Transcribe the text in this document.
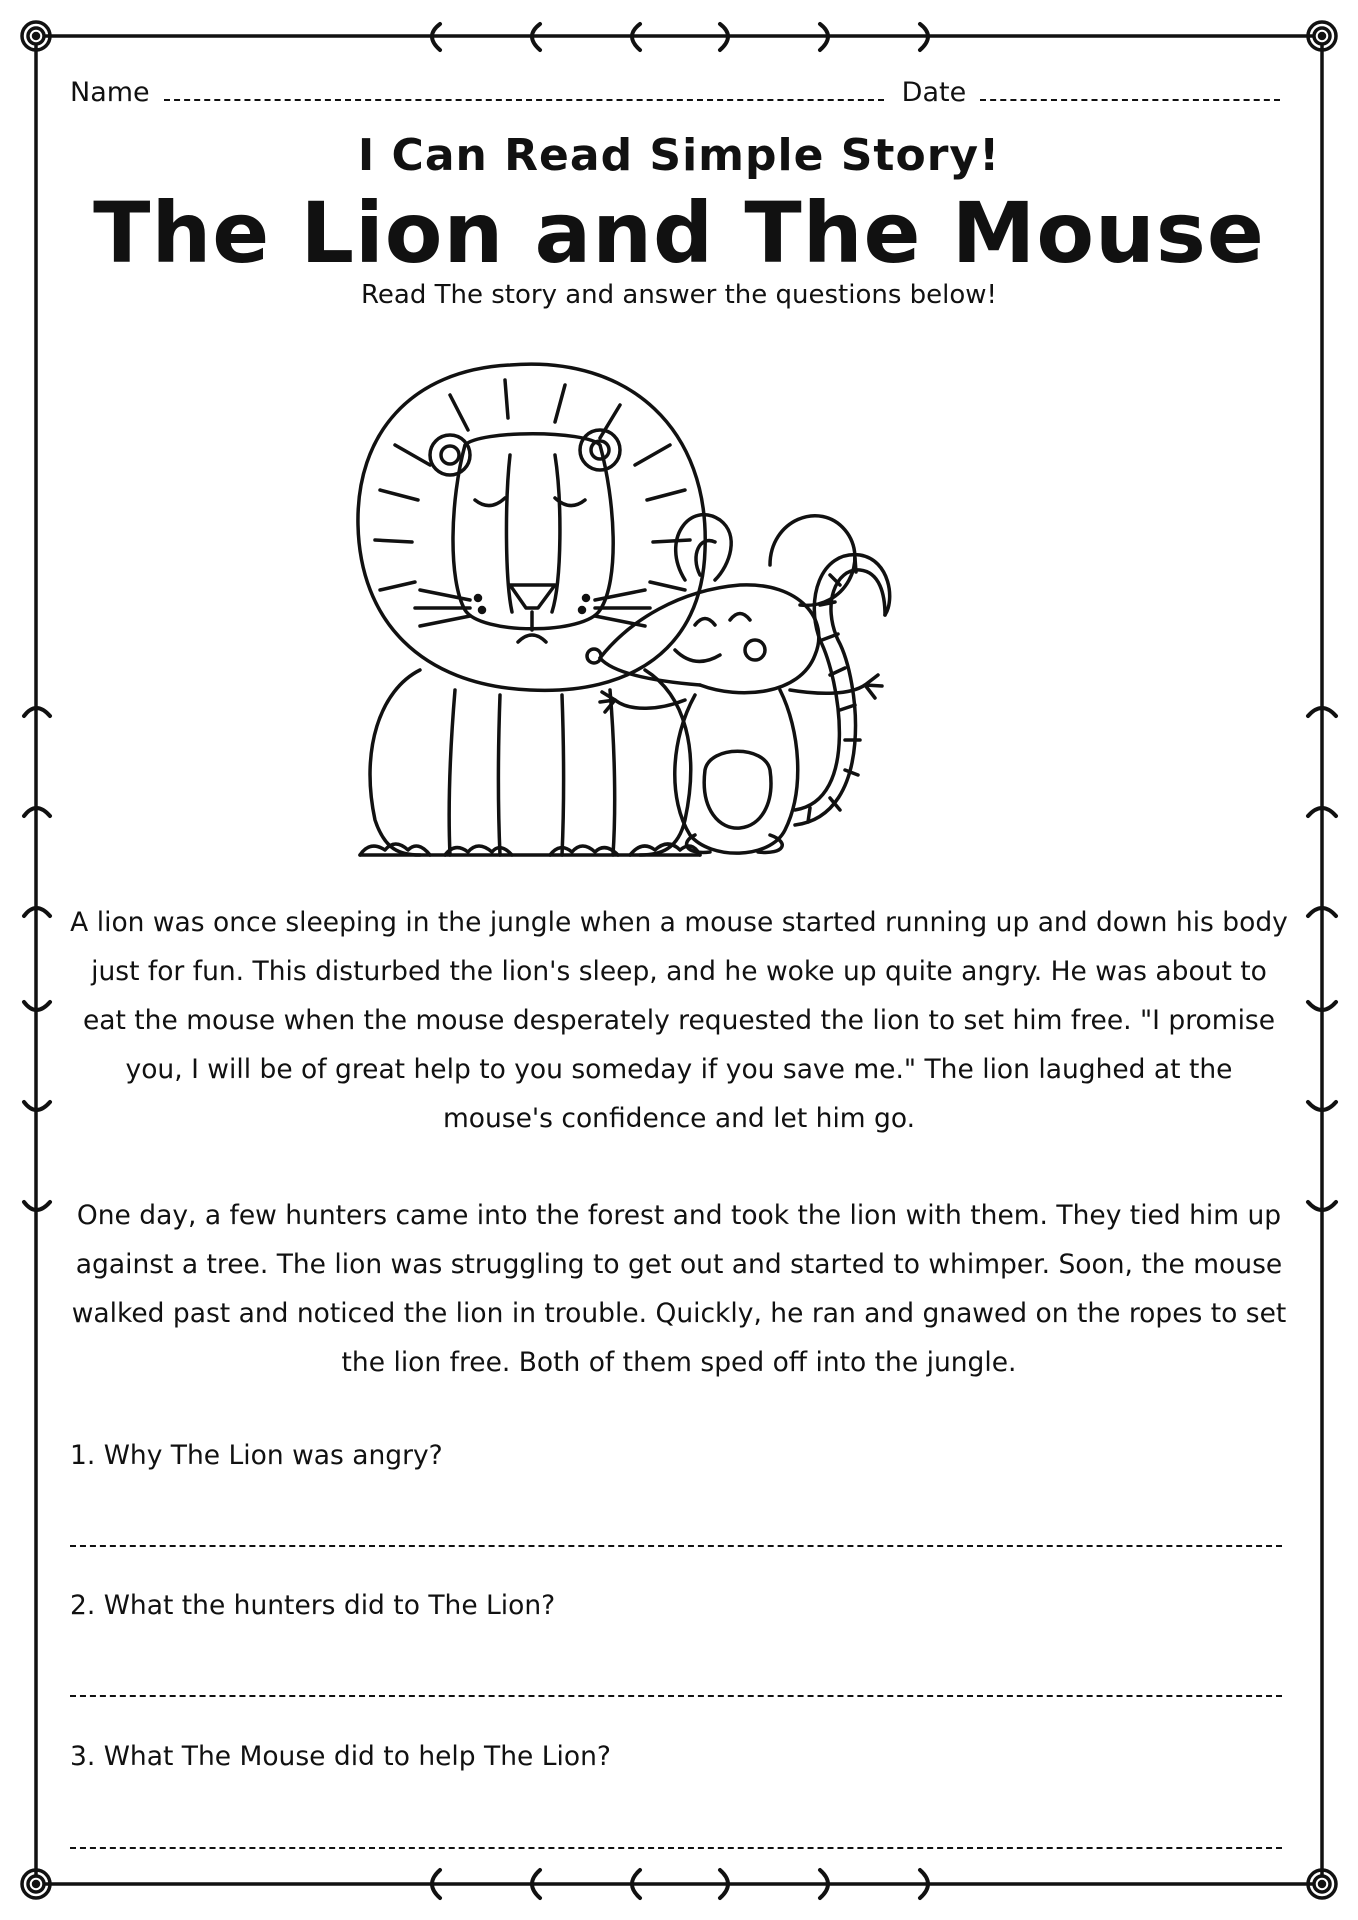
Name	Date
I Can Read Simple Story!
The Lion and The Mouse
Read The story and answer the questions below!
A lion was once sleeping in the jungle when a mouse started running up and down his body just for fun. This disturbed the lion's sleep, and he woke up quite angry. He was about to eat the mouse when the mouse desperately requested the lion to set him free. "I promise you, I will be of great help to you someday if you save me." The lion laughed at the mouse's confidence and let him go.
One day, a few hunters came into the forest and took the lion with them. They tied him up against a tree. The lion was struggling to get out and started to whimper. Soon, the mouse walked past and noticed the lion in trouble. Quickly, he ran and gnawed on the ropes to set the lion free. Both of them sped off into the jungle.
1. Why The Lion was angry?
2. What the hunters did to The Lion?
3. What The Mouse did to help The Lion?
